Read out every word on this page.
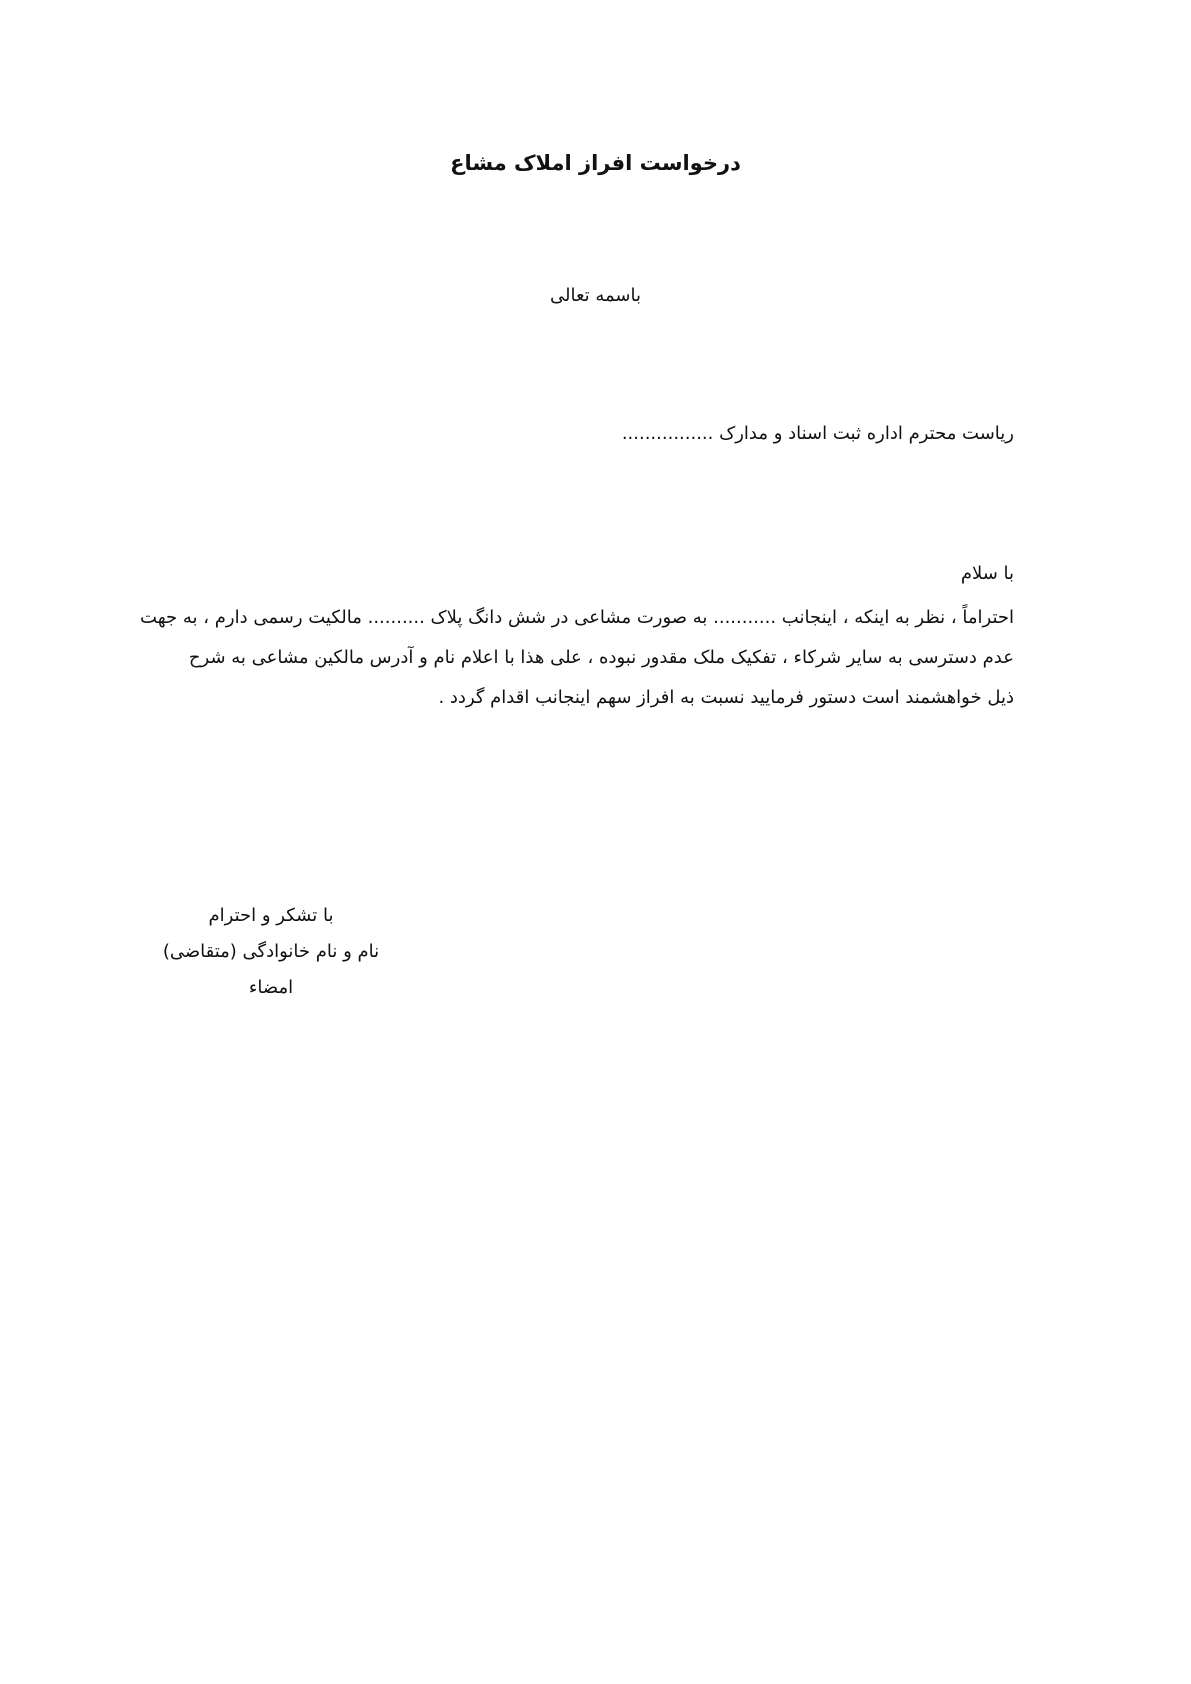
درخواست افراز املاک مشاع
باسمه تعالی
ریاست محترم اداره ثبت اسناد و مدارک ................
با سلام
احتراماً ، نظر به اینکه ، اینجانب ........... به صورت مشاعی در شش دانگ پلاک .......... مالکیت رسمی دارم ، به جهت
عدم دسترسی به سایر شرکاء ، تفکیک ملک مقدور نبوده ، علی هذا با اعلام نام و آدرس مالکین مشاعی به شرح
ذیل خواهشمند است دستور فرمایید نسبت به افراز سهم اینجانب اقدام گردد .
با تشکر و احترام
نام و نام خانوادگی (متقاضی)
امضاء
